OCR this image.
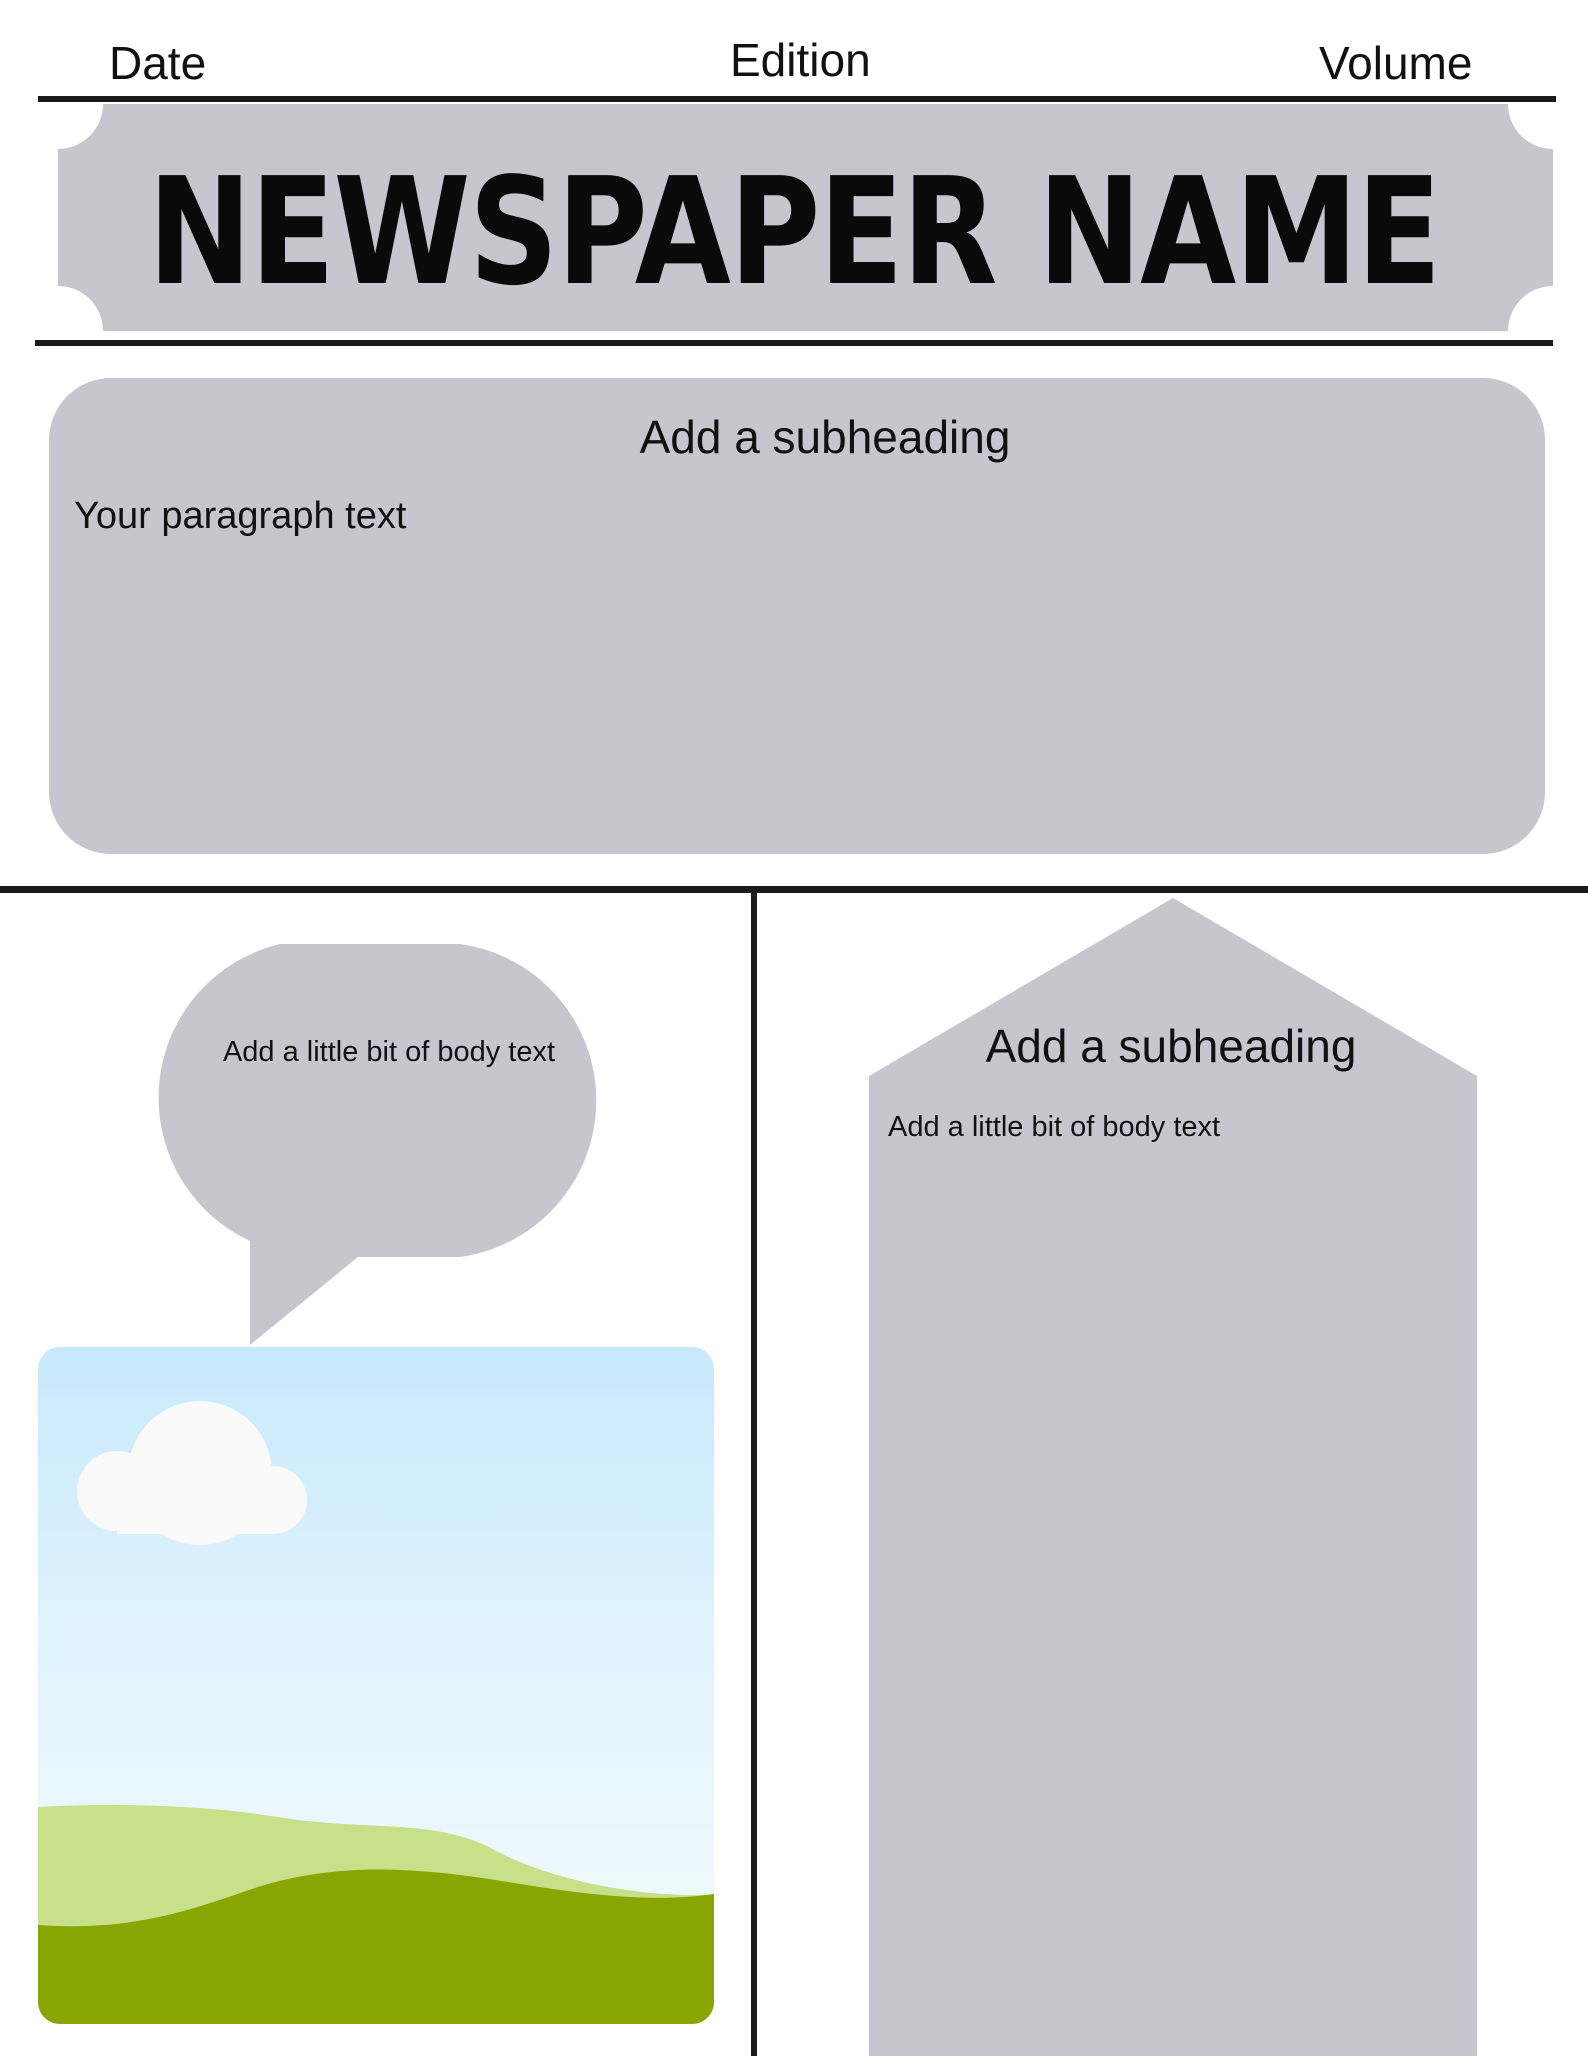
Date	Edition	Volume
NEWSPAPER NAME
Add a subheading
Your paragraph text
Add a little bit of body text	Add a subheading
Add a little bit of body text
